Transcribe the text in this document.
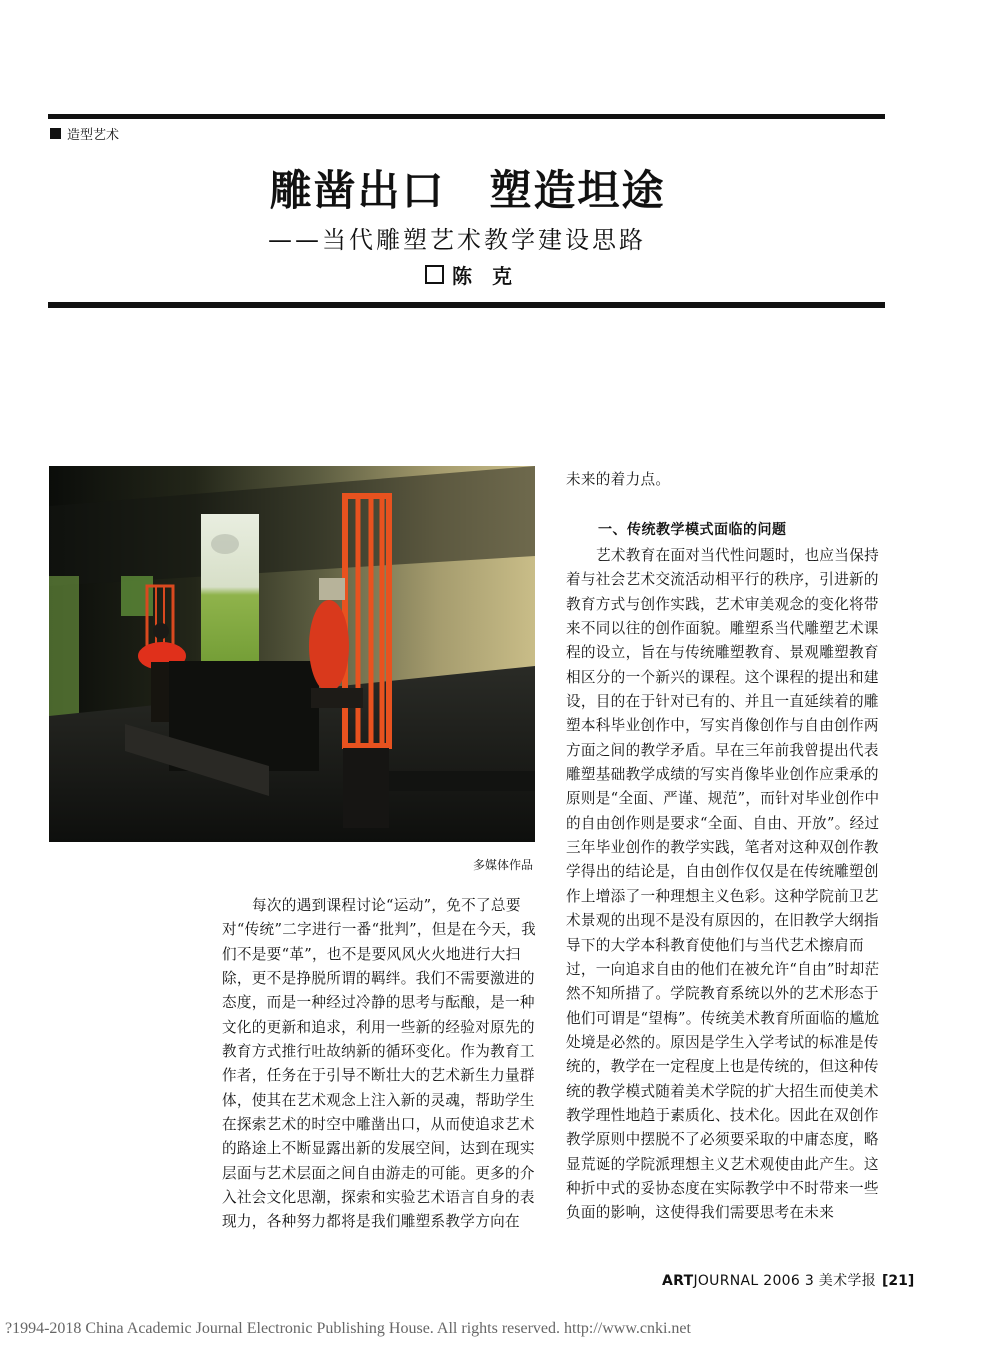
造型艺术
雕凿出口　塑造坦途
——当代雕塑艺术教学建设思路
陈克
多媒体作品

每次的遇到课程讨论“运动”，免不了总要对“传统”二字进行一番“批判”，但是在今天，我们不是要“革”，也不是要风风火火地进行大扫除，更不是挣脱所谓的羁绊。我们不需要激进的态度，而是一种经过冷静的思考与酝酿，是一种文化的更新和追求，利用一些新的经验对原先的教育方式推行吐故纳新的循环变化。作为教育工作者，任务在于引导不断壮大的艺术新生力量群体，使其在艺术观念上注入新的灵魂，帮助学生在探索艺术的时空中雕凿出口，从而使追求艺术的路途上不断显露出新的发展空间，达到在现实层面与艺术层面之间自由游走的可能。更多的介入社会文化思潮，探索和实验艺术语言自身的表现力，各种努力都将是我们雕塑系教学方向在

未来的着力点。

一、传统教学模式面临的问题

艺术教育在面对当代性问题时，也应当保持着与社会艺术交流活动相平行的秩序，引进新的教育方式与创作实践，艺术审美观念的变化将带来不同以往的创作面貌。雕塑系当代雕塑艺术课程的设立，旨在与传统雕塑教育、景观雕塑教育相区分的一个新兴的课程。这个课程的提出和建设，目的在于针对已有的、并且一直延续着的雕塑本科毕业创作中，写实肖像创作与自由创作两方面之间的教学矛盾。早在三年前我曾提出代表雕塑基础教学成绩的写实肖像毕业创作应秉承的原则是“全面、严谨、规范”，而针对毕业创作中的自由创作则是要求“全面、自由、开放”。经过三年毕业创作的教学实践，笔者对这种双创作教学得出的结论是，自由创作仅仅是在传统雕塑创作上增添了一种理想主义色彩。这种学院前卫艺术景观的出现不是没有原因的，在旧教学大纲指导下的大学本科教育使他们与当代艺术擦肩而过，一向追求自由的他们在被允许“自由”时却茫然不知所措了。学院教育系统以外的艺术形态于他们可谓是“望梅”。传统美术教育所面临的尴尬处境是必然的。原因是学生入学考试的标准是传统的，教学在一定程度上也是传统的，但这种传统的教学模式随着美术学院的扩大招生而使美术教学理性地趋于素质化、技术化。因此在双创作教学原则中摆脱不了必须要采取的中庸态度，略显荒诞的学院派理想主义艺术观使由此产生。这种折中式的妥协态度在实际教学中不时带来一些负面的影响，这使得我们需要思考在未来

ARTJOURNAL 2006 3 美术学报 [21]
?1994-2018 China Academic Journal Electronic Publishing House. All rights reserved. http://www.cnki.net
